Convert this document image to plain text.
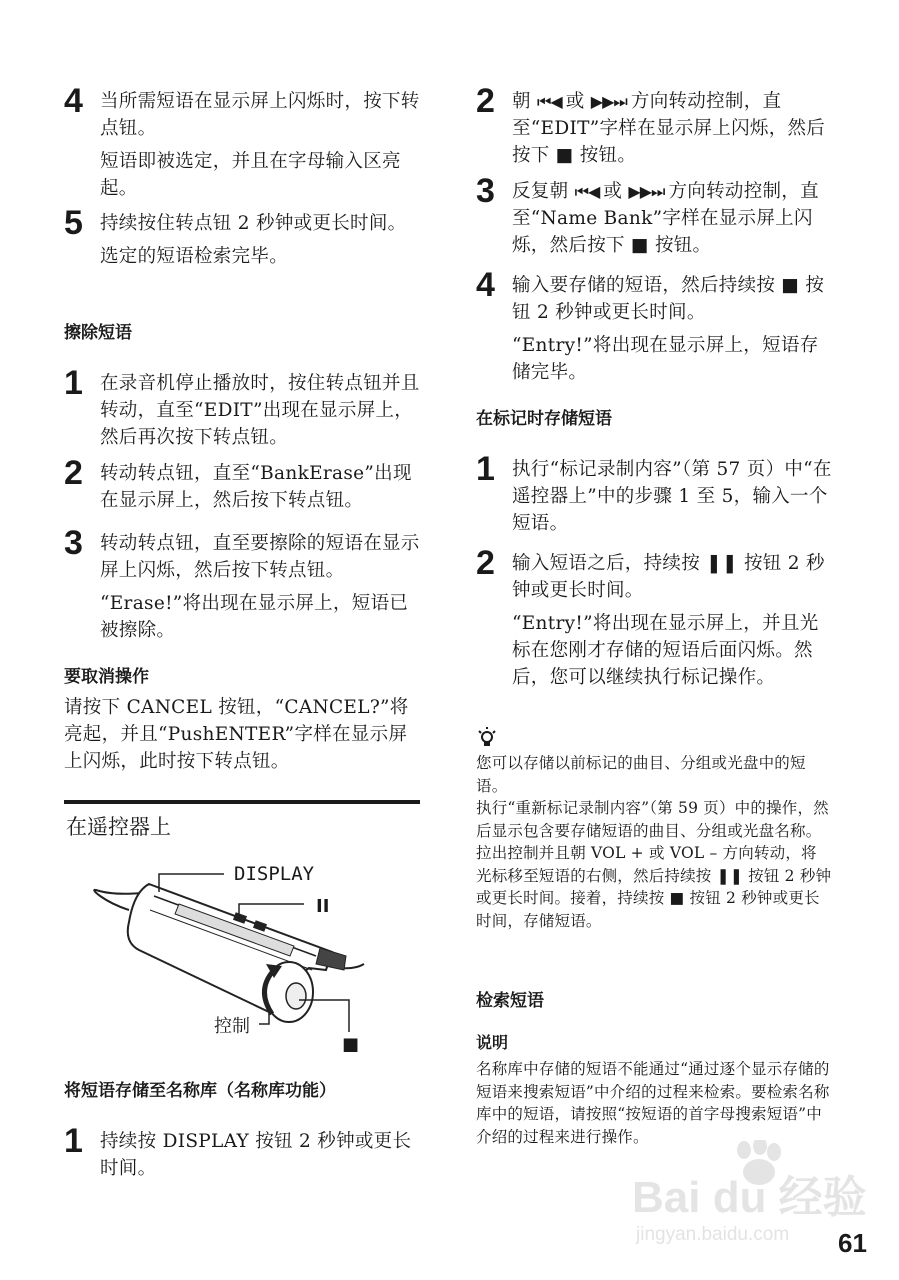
4 当所需短语在显示屏上闪烁时，按下转点钮。

短语即被选定，并且在字母输入区亮起。

5 持续按住转点钮 2 秒钟或更长时间。

选定的短语检索完毕。

擦除短语
1 在录音机停止播放时，按住转点钮并且转动，直至“EDIT”出现在显示屏上，然后再次按下转点钮。

2 转动转点钮，直至“BankErase”出现在显示屏上，然后按下转点钮。

3 转动转点钮，直至要擦除的短语在显示屏上闪烁，然后按下转点钮。

“Erase!”将出现在显示屏上，短语已被擦除。

要取消操作
请按下 CANCEL 按钮，“CANCEL?”将亮起，并且“PushENTER”字样在显示屏上闪烁，此时按下转点钮。
在遥控器上
DISPLAY
II
控制
■
将短语存储至名称库（名称库功能）
1 持续按 DISPLAY 按钮 2 秒钟或更长时间。

2 朝 ⏮◀ 或 ▶▶⏭ 方向转动控制，直至“EDIT”字样在显示屏上闪烁，然后按下 ■ 按钮。

3 反复朝 ⏮◀ 或 ▶▶⏭ 方向转动控制，直至“Name Bank”字样在显示屏上闪烁，然后按下 ■ 按钮。

4 输入要存储的短语，然后持续按 ■ 按钮 2 秒钟或更长时间。

“Entry!”将出现在显示屏上，短语存储完毕。

在标记时存储短语
1 执行“标记录制内容”（第 57 页）中“在遥控器上”中的步骤 1 至 5，输入一个短语。

2 输入短语之后，持续按 ❚❚ 按钮 2 秒钟或更长时间。

“Entry!”将出现在显示屏上，并且光标在您刚才存储的短语后面闪烁。然后，您可以继续执行标记操作。

您可以存储以前标记的曲目、分组或光盘中的短语。
执行“重新标记录制内容”（第 59 页）中的操作，然后显示包含要存储短语的曲目、分组或光盘名称。拉出控制并且朝 VOL + 或 VOL – 方向转动，将光标移至短语的右侧，然后持续按 ❚❚ 按钮 2 秒钟或更长时间。接着，持续按 ■ 按钮 2 秒钟或更长时间，存储短语。
检索短语
说明
名称库中存储的短语不能通过“通过逐个显示存储的短语来搜索短语”中介绍的过程来检索。要检索名称库中的短语，请按照“按短语的首字母搜索短语”中介绍的过程来进行操作。
Bai du 经验
jingyan.baidu.com 61
